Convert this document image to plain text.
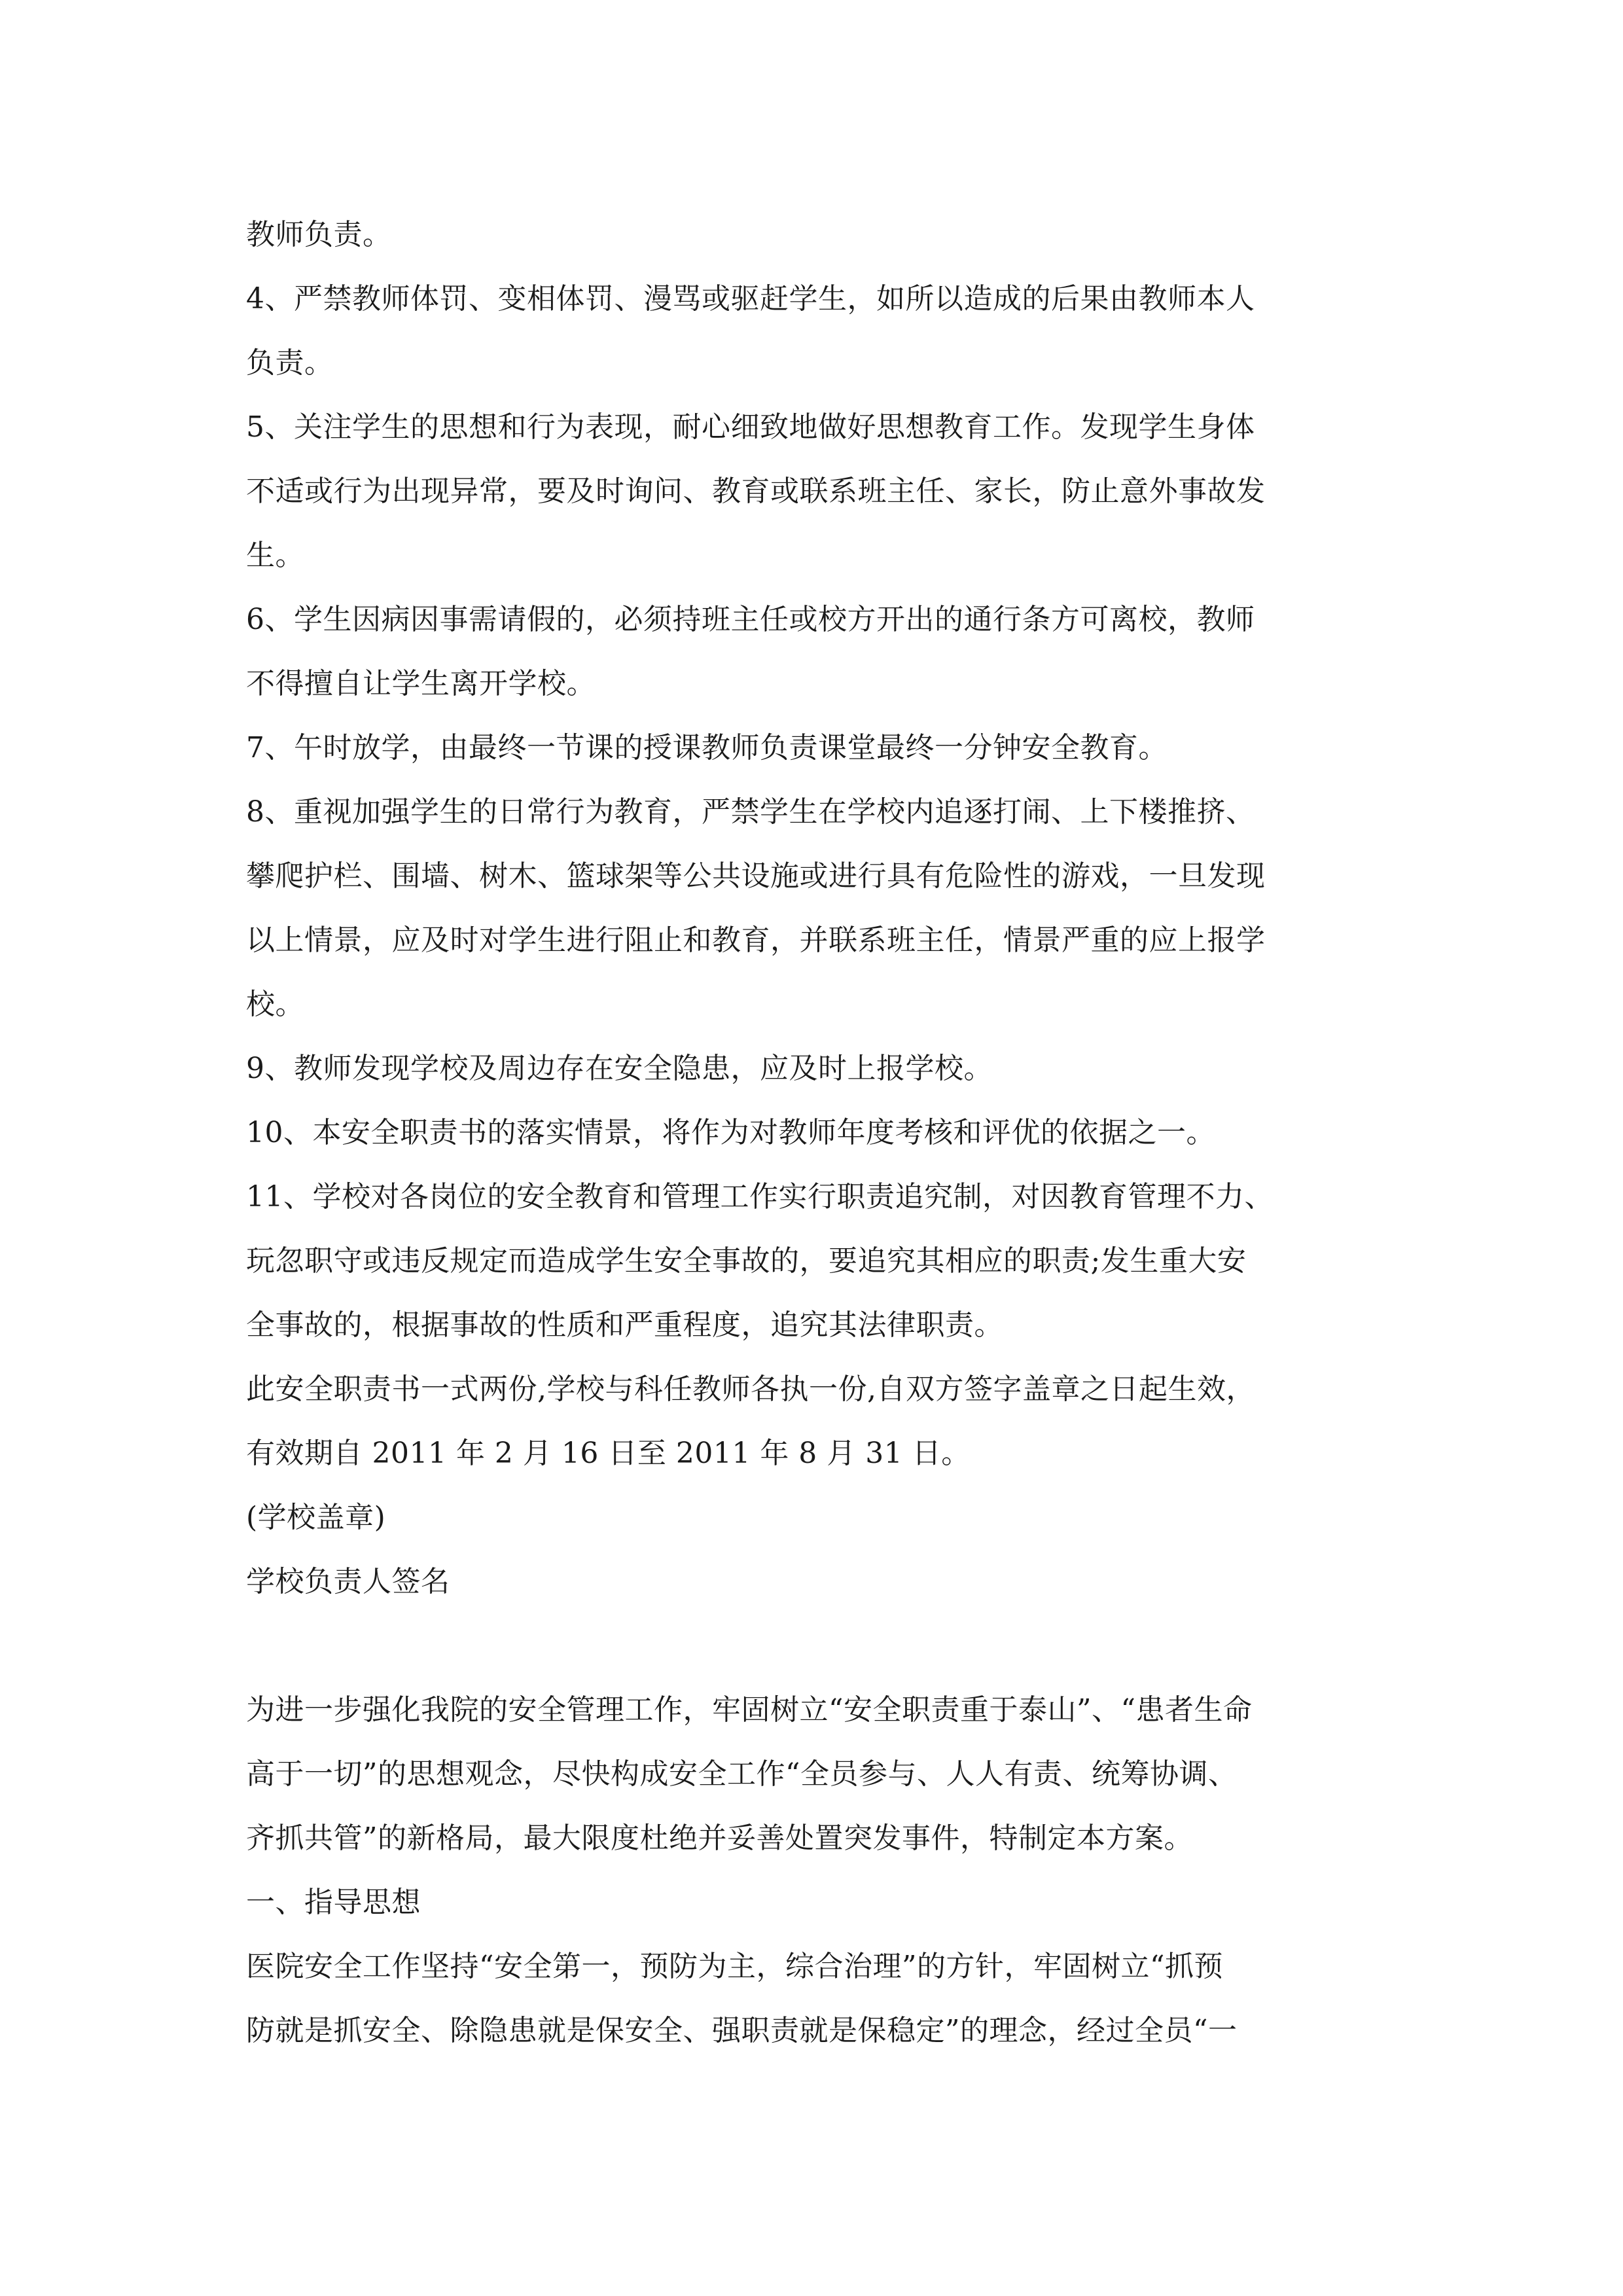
教师负责。
4、严禁教师体罚、变相体罚、漫骂或驱赶学生，如所以造成的后果由教师本人
负责。
5、关注学生的思想和行为表现，耐心细致地做好思想教育工作。发现学生身体
不适或行为出现异常，要及时询问、教育或联系班主任、家长，防止意外事故发
生。
6、学生因病因事需请假的，必须持班主任或校方开出的通行条方可离校，教师
不得擅自让学生离开学校。
7、午时放学，由最终一节课的授课教师负责课堂最终一分钟安全教育。
8、重视加强学生的日常行为教育，严禁学生在学校内追逐打闹、上下楼推挤、
攀爬护栏、围墙、树木、篮球架等公共设施或进行具有危险性的游戏，一旦发现
以上情景，应及时对学生进行阻止和教育，并联系班主任，情景严重的应上报学
校。
9、教师发现学校及周边存在安全隐患，应及时上报学校。
10、本安全职责书的落实情景，将作为对教师年度考核和评优的依据之一。
11、学校对各岗位的安全教育和管理工作实行职责追究制，对因教育管理不力、
玩忽职守或违反规定而造成学生安全事故的，要追究其相应的职责;发生重大安
全事故的，根据事故的性质和严重程度，追究其法律职责。
此安全职责书一式两份,学校与科任教师各执一份,自双方签字盖章之日起生效，
有效期自 2011 年 2 月 16 日至 2011 年 8 月 31 日。
(学校盖章)
学校负责人签名
为进一步强化我院的安全管理工作，牢固树立“安全职责重于泰山”、“患者生命
高于一切”的思想观念，尽快构成安全工作“全员参与、人人有责、统筹协调、
齐抓共管”的新格局，最大限度杜绝并妥善处置突发事件，特制定本方案。
一、指导思想
医院安全工作坚持“安全第一，预防为主，综合治理”的方针，牢固树立“抓预
防就是抓安全、除隐患就是保安全、强职责就是保稳定”的理念，经过全员“一
